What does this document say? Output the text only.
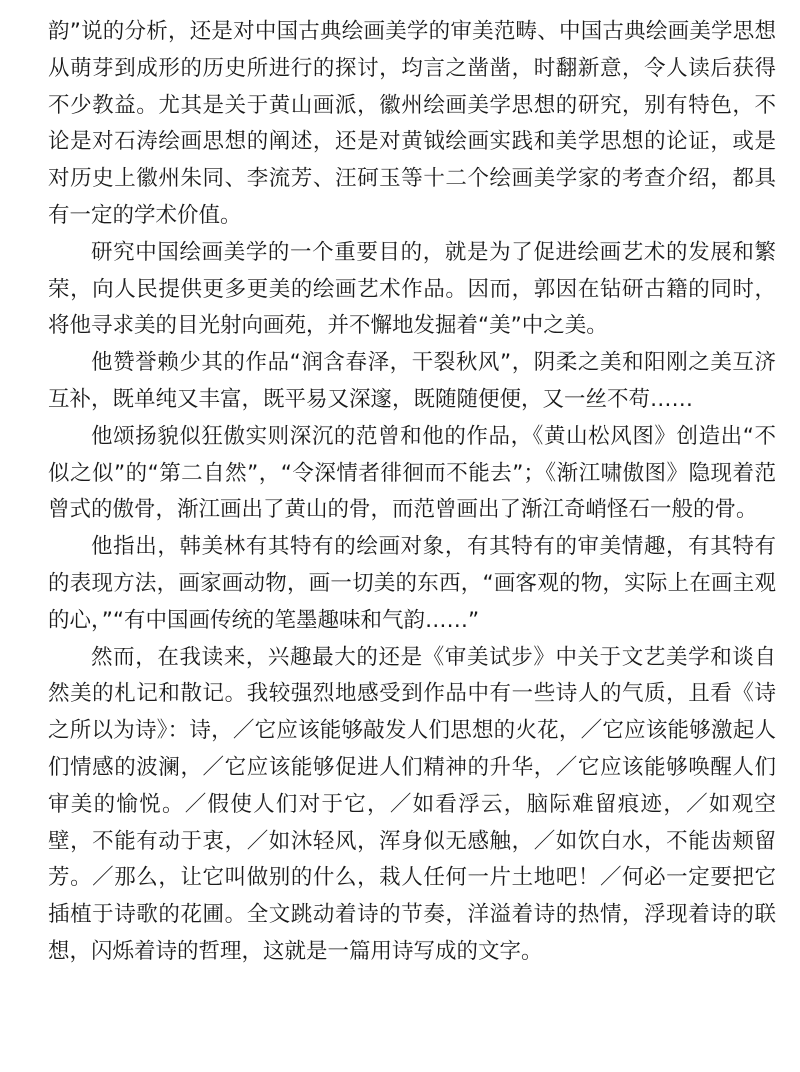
韵”说的分析，还是对中国古典绘画美学的审美范畴、中国古典绘画美学思想从萌芽到成形的历史所进行的探讨，均言之凿凿，时翻新意，令人读后获得不少教益。尤其是关于黄山画派，徽州绘画美学思想的研究，别有特色，不论是对石涛绘画思想的阐述，还是对黄钺绘画实践和美学思想的论证，或是对历史上徽州朱同、李流芳、汪砢玉等十二个绘画美学家的考查介绍，都具有一定的学术价值。

研究中国绘画美学的一个重要目的，就是为了促进绘画艺术的发展和繁荣，向人民提供更多更美的绘画艺术作品。因而，郭因在钻研古籍的同时，将他寻求美的目光射向画苑，并不懈地发掘着“美”中之美。

他赞誉赖少其的作品“润含春泽，干裂秋风”，阴柔之美和阳刚之美互济互补，既单纯又丰富，既平易又深邃，既随随便便，又一丝不苟……

他颂扬貌似狂傲实则深沉的范曾和他的作品，《黄山松风图》创造出“不似之似”的“第二自然”，“令深情者徘徊而不能去”；《渐江啸傲图》隐现着范曾式的傲骨，渐江画出了黄山的骨，而范曾画出了渐江奇峭怪石一般的骨。

他指出，韩美林有其特有的绘画对象，有其特有的审美情趣，有其特有的表现方法，画家画动物，画一切美的东西，“画客观的物，实际上在画主观的心，”“有中国画传统的笔墨趣味和气韵……”

然而，在我读来，兴趣最大的还是《审美试步》中关于文艺美学和谈自然美的札记和散记。我较强烈地感受到作品中有一些诗人的气质，且看《诗之所以为诗》：诗，／它应该能够敲发人们思想的火花，／它应该能够激起人们情感的波澜，／它应该能够促进人们精神的升华，／它应该能够唤醒人们审美的愉悦。／假使人们对于它，／如看浮云，脑际难留痕迹，／如观空壁，不能有动于衷，／如沐轻风，浑身似无感触，／如饮白水，不能齿颊留芳。／那么，让它叫做别的什么，栽人任何一片土地吧！／何必一定要把它插植于诗歌的花圃。全文跳动着诗的节奏，洋溢着诗的热情，浮现着诗的联想，闪烁着诗的哲理，这就是一篇用诗写成的文字。
